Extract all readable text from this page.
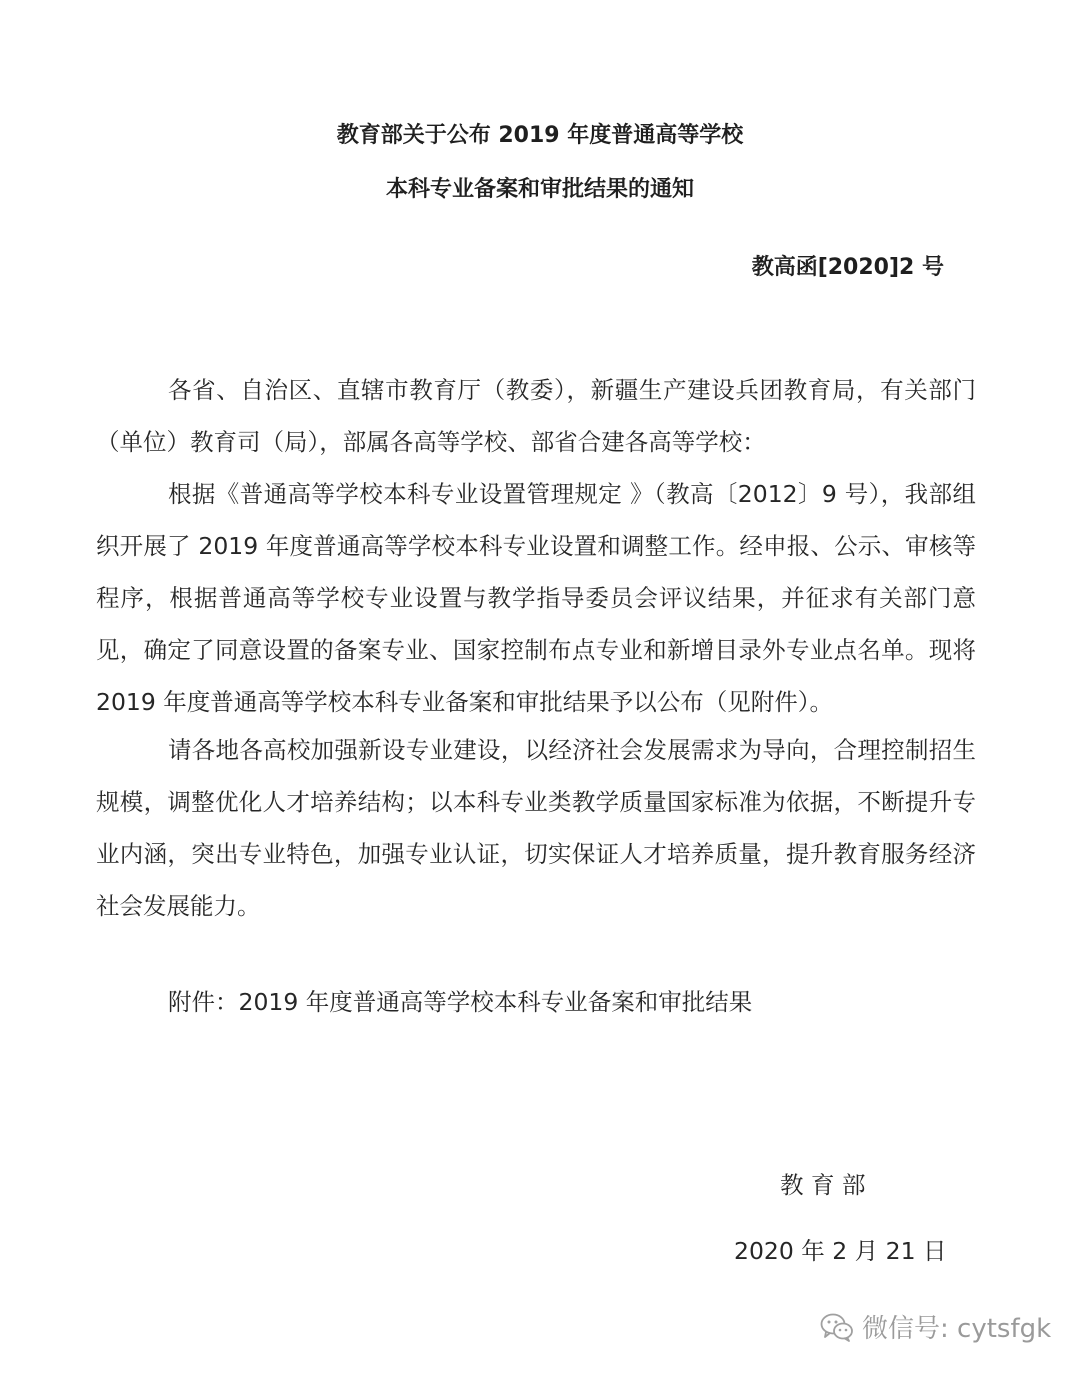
教育部关于公布 2019 年度普通高等学校
本科专业备案和审批结果的通知
教高函[2020]2 号

各省、自治区、直辖市教育厅（教委），新疆生产建设兵团教育局，有关部门（单位）教育司（局），部属各高等学校、部省合建各高等学校：

根据《普通高等学校本科专业设置管理规定 》（教高〔2012〕9 号），我部组织开展了 2019 年度普通高等学校本科专业设置和调整工作。经申报、公示、审核等程序，根据普通高等学校专业设置与教学指导委员会评议结果，并征求有关部门意见，确定了同意设置的备案专业、国家控制布点专业和新增目录外专业点名单。现将 2019 年度普通高等学校本科专业备案和审批结果予以公布（见附件）。

请各地各高校加强新设专业建设，以经济社会发展需求为导向，合理控制招生规模，调整优化人才培养结构；以本科专业类教学质量国家标准为依据，不断提升专业内涵，突出专业特色，加强专业认证，切实保证人才培养质量，提升教育服务经济社会发展能力。

附件：2019 年度普通高等学校本科专业备案和审批结果
教 育 部
2020 年 2 月 21 日
微信号: cytsfgk
